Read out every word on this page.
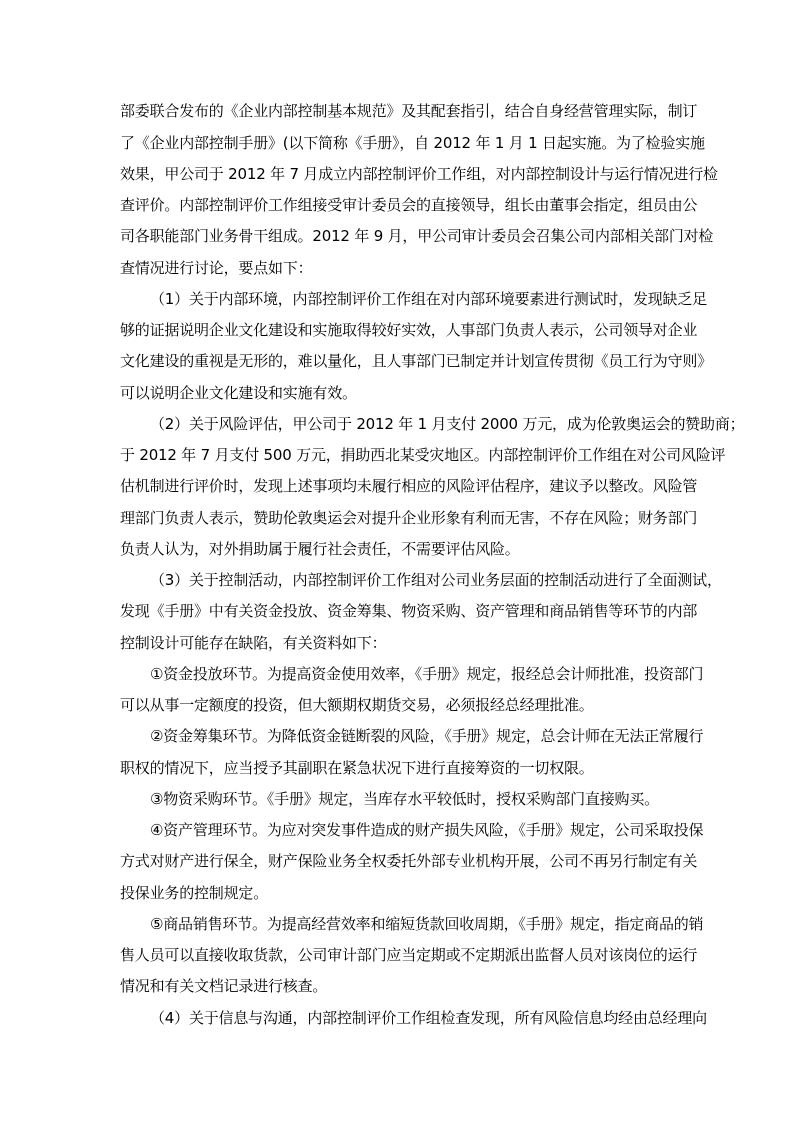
部委联合发布的《企业内部控制基本规范》及其配套指引，结合自身经营管理实际，制订
了《企业内部控制手册》(以下简称《手册》，自 2012 年 1 月 1 日起实施。为了检验实施
效果，甲公司于 2012 年 7 月成立内部控制评价工作组，对内部控制设计与运行情况进行检
查评价。内部控制评价工作组接受审计委员会的直接领导，组长由董事会指定，组员由公
司各职能部门业务骨干组成。2012 年 9 月，甲公司审计委员会召集公司内部相关部门对检
查情况进行讨论，要点如下：
（1）关于内部环境，内部控制评价工作组在对内部环境要素进行测试时，发现缺乏足
够的证据说明企业文化建设和实施取得较好实效，人事部门负责人表示，公司领导对企业
文化建设的重视是无形的，难以量化，且人事部门已制定并计划宣传贯彻《员工行为守则》
可以说明企业文化建设和实施有效。
（2）关于风险评估，甲公司于 2012 年 1 月支付 2000 万元，成为伦敦奥运会的赞助商；
于 2012 年 7 月支付 500 万元，捐助西北某受灾地区。内部控制评价工作组在对公司风险评
估机制进行评价时，发现上述事项均未履行相应的风险评估程序，建议予以整改。风险管
理部门负责人表示，赞助伦敦奥运会对提升企业形象有利而无害，不存在风险；财务部门
负责人认为，对外捐助属于履行社会责任，不需要评估风险。
（3）关于控制活动，内部控制评价工作组对公司业务层面的控制活动进行了全面测试，
发现《手册》中有关资金投放、资金筹集、物资采购、资产管理和商品销售等环节的内部
控制设计可能存在缺陷，有关资料如下：
①资金投放环节。为提高资金使用效率，《手册》规定，报经总会计师批准，投资部门
可以从事一定额度的投资，但大额期权期货交易，必须报经总经理批准。
②资金筹集环节。为降低资金链断裂的风险，《手册》规定，总会计师在无法正常履行
职权的情况下，应当授予其副职在紧急状况下进行直接筹资的一切权限。
③物资采购环节。《手册》规定，当库存水平较低时，授权采购部门直接购买。
④资产管理环节。为应对突发事件造成的财产损失风险，《手册》规定，公司采取投保
方式对财产进行保全，财产保险业务全权委托外部专业机构开展，公司不再另行制定有关
投保业务的控制规定。
⑤商品销售环节。为提高经营效率和缩短货款回收周期，《手册》规定，指定商品的销
售人员可以直接收取货款，公司审计部门应当定期或不定期派出监督人员对该岗位的运行
情况和有关文档记录进行核查。
（4）关于信息与沟通，内部控制评价工作组检查发现，所有风险信息均经由总经理向
